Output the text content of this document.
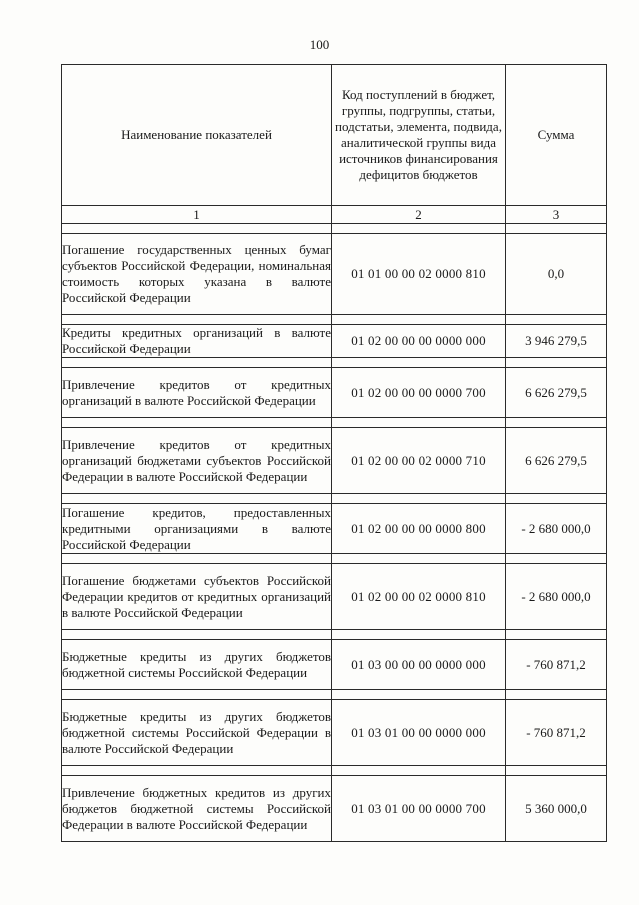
100
Наименование показателей	Код поступлений в бюджет, группы, подгруппы, статьи, подстатьи, элемента, подвида, аналитической группы вида источников финансирования дефицитов бюджетов	Сумма
1	2	3

Погашение государственных ценных бумаг субъектов Российской Федерации, номинальная стоимость которых указана в валюте Российской Федерации	01 01 00 00 02 0000 810	0,0

Кредиты кредитных организаций в валюте Российской Федерации	01 02 00 00 00 0000 000	3 946 279,5

Привлечение кредитов от кредитных организаций в валюте Российской Федерации	01 02 00 00 00 0000 700	6 626 279,5

Привлечение кредитов от кредитных организаций бюджетами субъектов Российской Федерации в валюте Российской Федерации	01 02 00 00 02 0000 710	6 626 279,5

Погашение кредитов, предоставленных кредитными организациями в валюте Российской Федерации	01 02 00 00 00 0000 800	- 2 680 000,0

Погашение бюджетами субъектов Российской Федерации кредитов от кредитных организаций в валюте Российской Федерации	01 02 00 00 02 0000 810	- 2 680 000,0

Бюджетные кредиты из других бюджетов бюджетной системы Российской Федерации	01 03 00 00 00 0000 000	- 760 871,2

Бюджетные кредиты из других бюджетов бюджетной системы Российской Федерации в валюте Российской Федерации	01 03 01 00 00 0000 000	- 760 871,2

Привлечение бюджетных кредитов из других бюджетов бюджетной системы Российской Федерации в валюте Российской Федерации	01 03 01 00 00 0000 700	5 360 000,0
